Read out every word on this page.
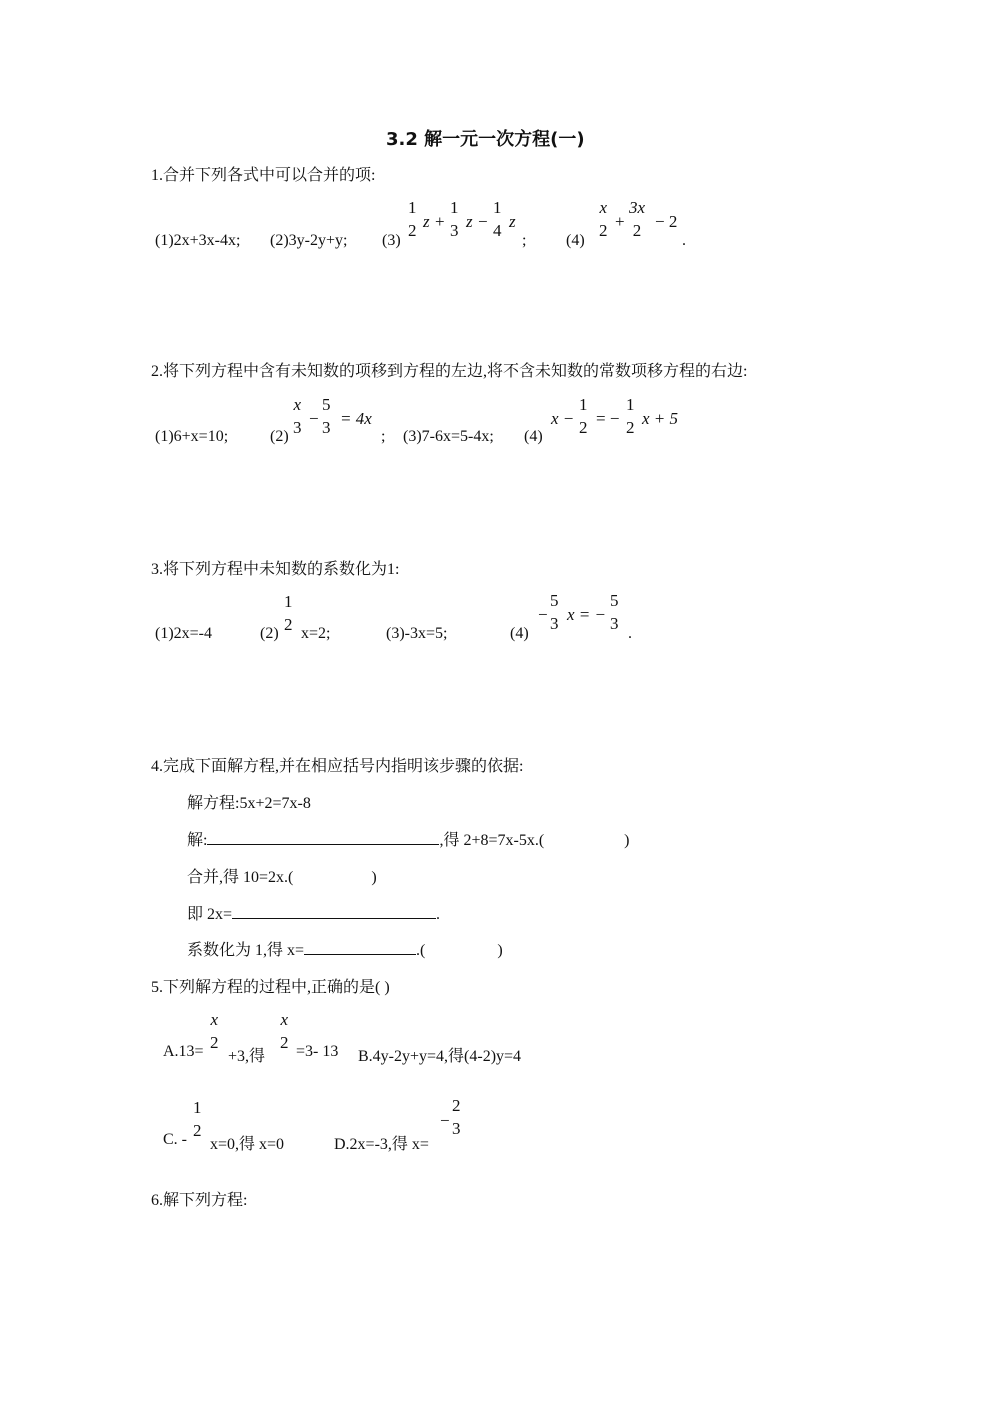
3.2 解一元一次方程(一)
1.合并下列各式中可以合并的项:
(1)2x+3x-4x; (2)3y-2y+y; (3)
1
2 z +
1
3 z −
1
4 z
; (4)
x
2 +
3x
2 − 2
.
2.将下列方程中含有未知数的项移到方程的左边,将不含未知数的常数项移方程的右边:
(1)6+x=10;	(2)
x
3 −
5
3 = 4x
; (3)7-6x=5-4x; (4)
x −
1
2 = −
1
2 x + 5
3.将下列方程中未知数的系数化为1:
(1)2x=-4	(2)
1
2 x=2;	(3)-3x=5;	(4)
−
5
3 x = −
5
3
.
4.完成下面解方程,并在相应括号内指明该步骤的依据:
解方程:5x+2=7x-8
解:	,得 2+8=7x-5x.(	)
合并,得 10=2x.(	)
即 2x=	.
系数化为 1,得 x=	.(	)
5.下列解方程的过程中,正确的是( )
A.13=
x
2
+3,得
x
2 =3- 13 B.4y-2y+y=4,得(4-2)y=4
C. -
1
2
x=0,得 x=0	D.2x=-3,得 x=
−
2
3
6.解下列方程:
